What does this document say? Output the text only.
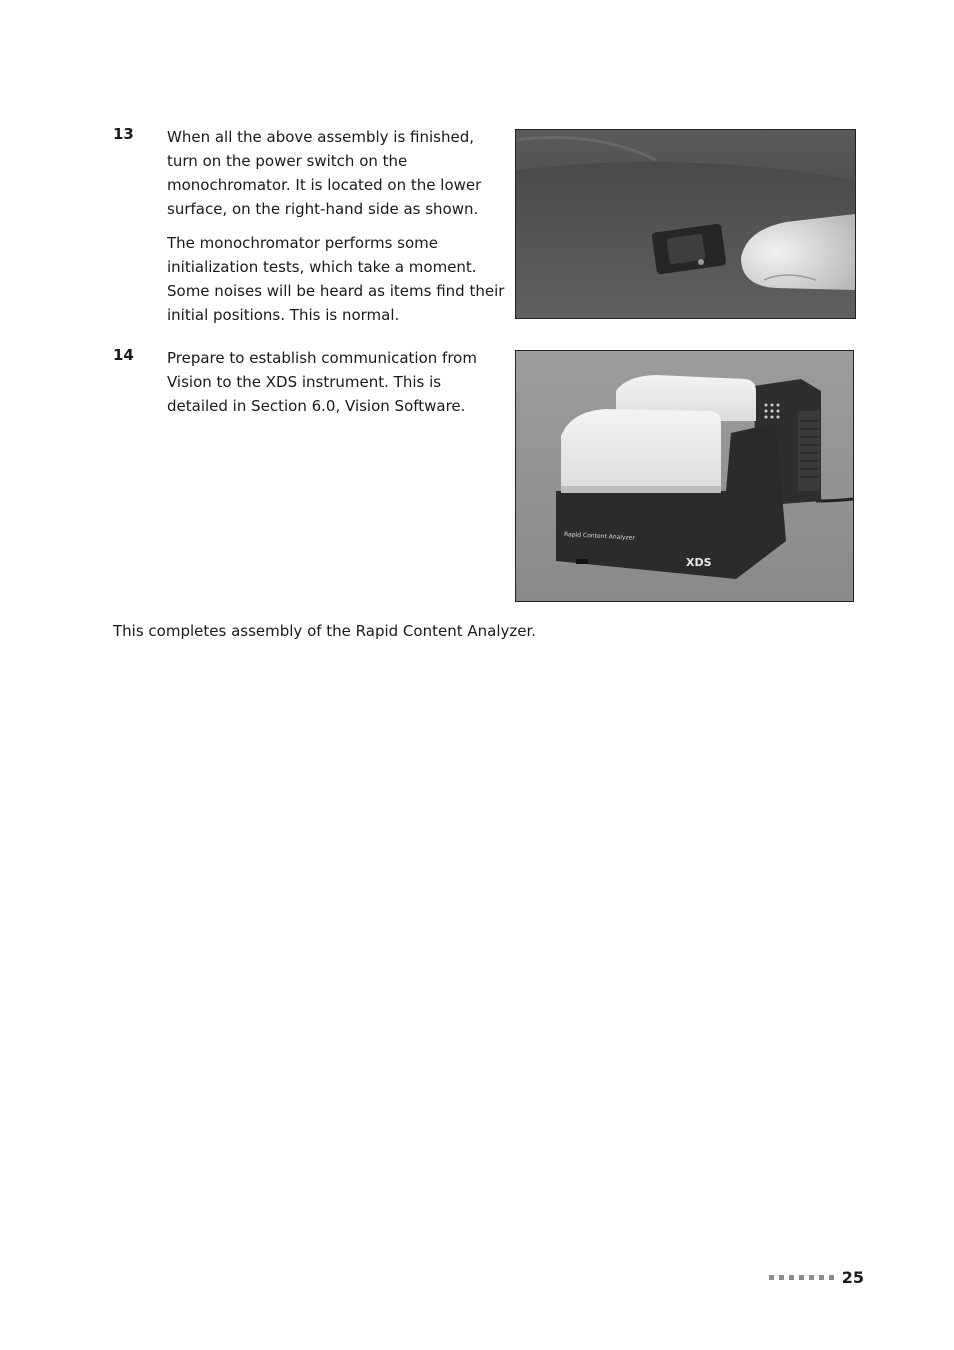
13 When all the above assembly is finished,
turn on the power switch on the
monochromator. It is located on the lower
surface, on the right-hand side as shown.

The monochromator performs some
initialization tests, which take a moment.
Some noises will be heard as items find their
initial positions. This is normal.

14 Prepare to establish communication from
Vision to the XDS instrument. This is
detailed in Section 6.0, Vision Software.

Rapid Content Analyzer
XDS
This completes assembly of the Rapid Content Analyzer.
25
